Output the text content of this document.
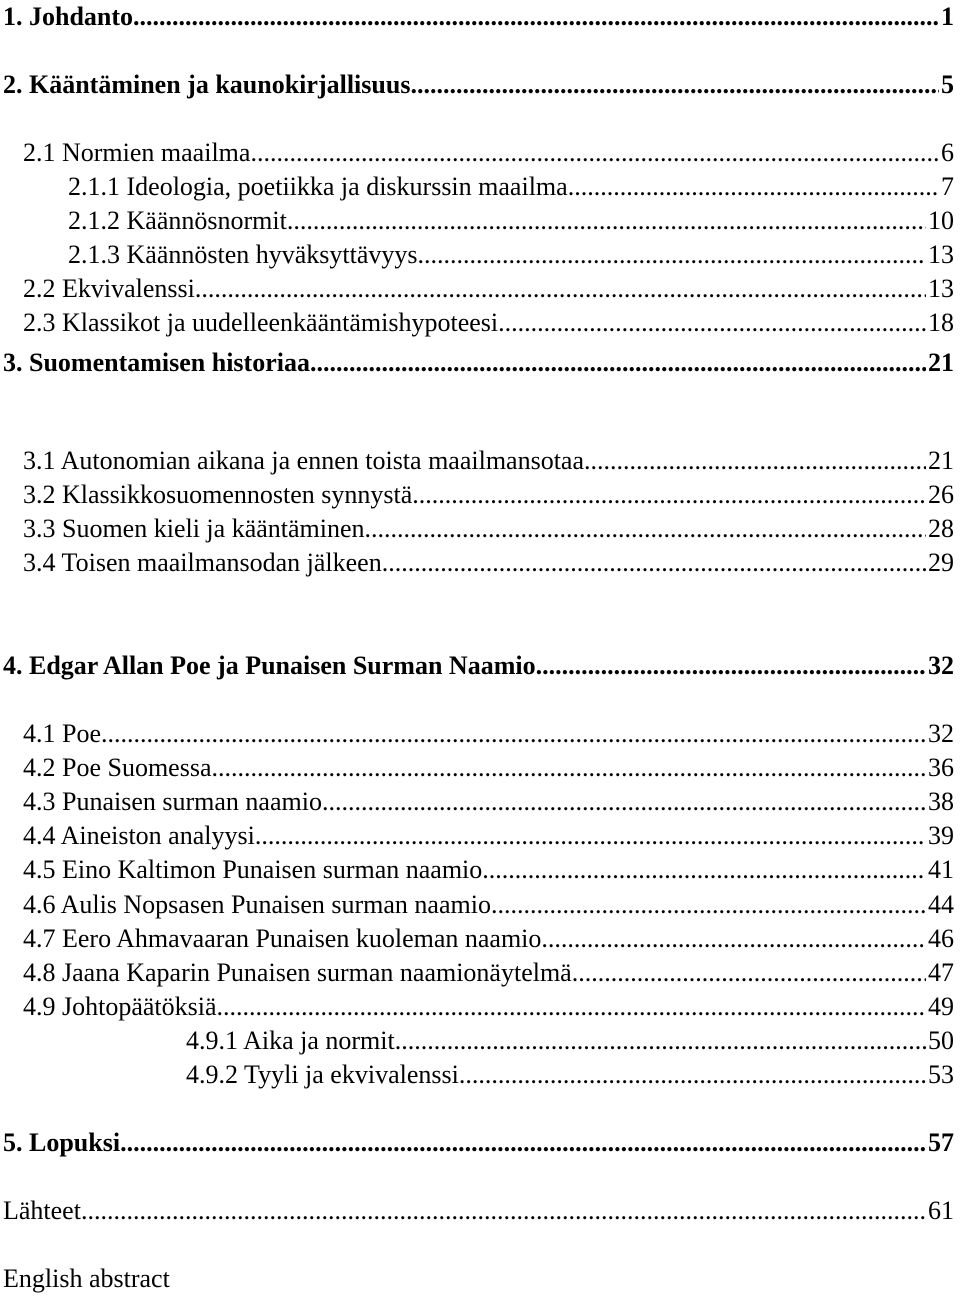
1. Johdanto .....	1
2. Kääntäminen ja kaunokirjallisuus .....	5
2.1 Normien maailma .....	6
2.1.1 Ideologia, poetiikka ja diskurssin maailma .....	7
2.1.2 Käännösnormit .....	10
2.1.3 Käännösten hyväksyttävyys .....	13
2.2 Ekvivalenssi .....	13
2.3 Klassikot ja uudelleenkääntämishypoteesi .....	18
3. Suomentamisen historiaa .....	21
3.1 Autonomian aikana ja ennen toista maailmansotaa .....	21
3.2 Klassikkosuomennosten synnystä .....	26
3.3 Suomen kieli ja kääntäminen .....	28
3.4 Toisen maailmansodan jälkeen .....	29
4. Edgar Allan Poe ja Punaisen Surman Naamio .....	32
4.1 Poe .....	32
4.2 Poe Suomessa .....	36
4.3 Punaisen surman naamio .....	38
4.4 Aineiston analyysi .....	39
4.5 Eino Kaltimon Punaisen surman naamio .....	41
4.6 Aulis Nopsasen Punaisen surman naamio .....	44
4.7 Eero Ahmavaaran Punaisen kuoleman naamio .....	46
4.8 Jaana Kaparin Punaisen surman naamionäytelmä .....	47
4.9 Johtopäätöksiä .....	49
4.9.1 Aika ja normit .....	50
4.9.2 Tyyli ja ekvivalenssi .....	53
5. Lopuksi .....	57
Lähteet .....	61
English abstract
